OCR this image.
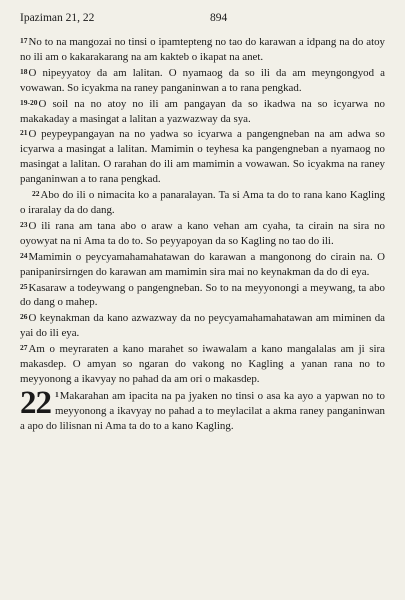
Ipaziman 21, 22	894

17No to na mangozai no tinsi o ipamtepteng no tao do karawan a idpang na do atoy no ili am o kakarakarang na am kakteb o ikapat na anet.

18O nipeyyatoy da am lalitan. O nyamaog da so ili da am meyngongyod a vowawan. So icyakma na raney panganinwan a to rana pengkad.

19-20O soil na no atoy no ili am pangayan da so ikadwa na so icyarwa no makakaday a masingat a lalitan a yazwazway da sya.

21O peypeypangayan na no yadwa so icyarwa a pangengneban na am adwa so icyarwa a masingat a lalitan. Mamimin o teyhesa ka pangengneban a nyamaog no masingat a lalitan. O rarahan do ili am mamimin a vowawan. So icyakma na raney panganinwan a to rana pengkad.

22Abo do ili o nimacita ko a panaralayan. Ta si Ama ta do to rana kano Kagling o iraralay da do dang.

23O ili rana am tana abo o araw a kano vehan am cyaha, ta cirain na sira no oyowyat na ni Ama ta do to. So peyyapoyan da so Kagling no tao do ili.

24Mamimin o peycyamahamahatawan do karawan a mangonong do cirain na. O panipanirsirngen do karawan am mamimin sira mai no keynakman da do di eya.

25Kasaraw a todeywang o pangengneban. So to na meyyonongi a meywang, ta abo do dang o mahep.

26O keynakman da kano azwazway da no peycyamahamahatawan am miminen da yai do ili eya.

27Am o meyraraten a kano marahet so iwawalam a kano mangalalas am ji sira makasdep. O amyan so ngaran do vakong no Kagling a yanan rana no to meyyonong a ikavyay no pahad da am ori o makasdep.

22 1Makarahan am ipacita na pa jyaken no tinsi o asa ka ayo a yapwan no to meyyonong a ikavyay no pahad a to meylacilat a akma raney panganinwan a apo do lilisnan ni Ama ta do to a kano Kagling.
